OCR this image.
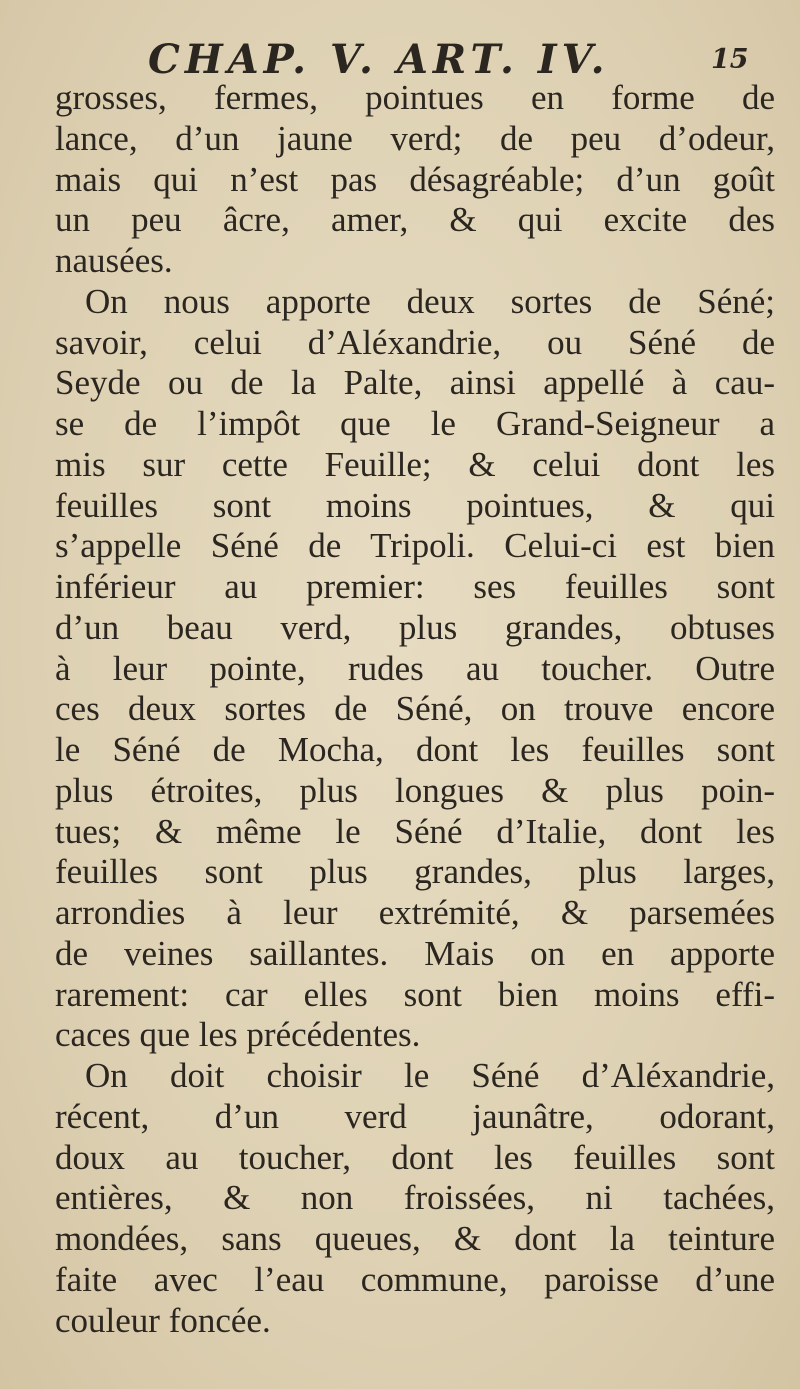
CHAP. V. ART. IV.	15
grosses, fermes, pointues en forme de
lance, d’un jaune verd; de peu d’odeur,
mais qui n’est pas désagréable; d’un goût
un peu âcre, amer, & qui excite des
nausées.
On nous apporte deux sortes de Séné;
savoir, celui d’Aléxandrie, ou Séné de
Seyde ou de la Palte, ainsi appellé à cau-
se de l’impôt que le Grand-Seigneur a
mis sur cette Feuille; & celui dont les
feuilles sont moins pointues, & qui
s’appelle Séné de Tripoli. Celui-ci est bien
inférieur au premier: ses feuilles sont
d’un beau verd, plus grandes, obtuses
à leur pointe, rudes au toucher. Outre
ces deux sortes de Séné, on trouve encore
le Séné de Mocha, dont les feuilles sont
plus étroites, plus longues & plus poin-
tues; & même le Séné d’Italie, dont les
feuilles sont plus grandes, plus larges,
arrondies à leur extrémité, & parsemées
de veines saillantes. Mais on en apporte
rarement: car elles sont bien moins effi-
caces que les précédentes.
On doit choisir le Séné d’Aléxandrie,
récent, d’un verd jaunâtre, odorant,
doux au toucher, dont les feuilles sont
entières, & non froissées, ni tachées,
mondées, sans queues, & dont la teinture
faite avec l’eau commune, paroisse d’une
couleur foncée.
